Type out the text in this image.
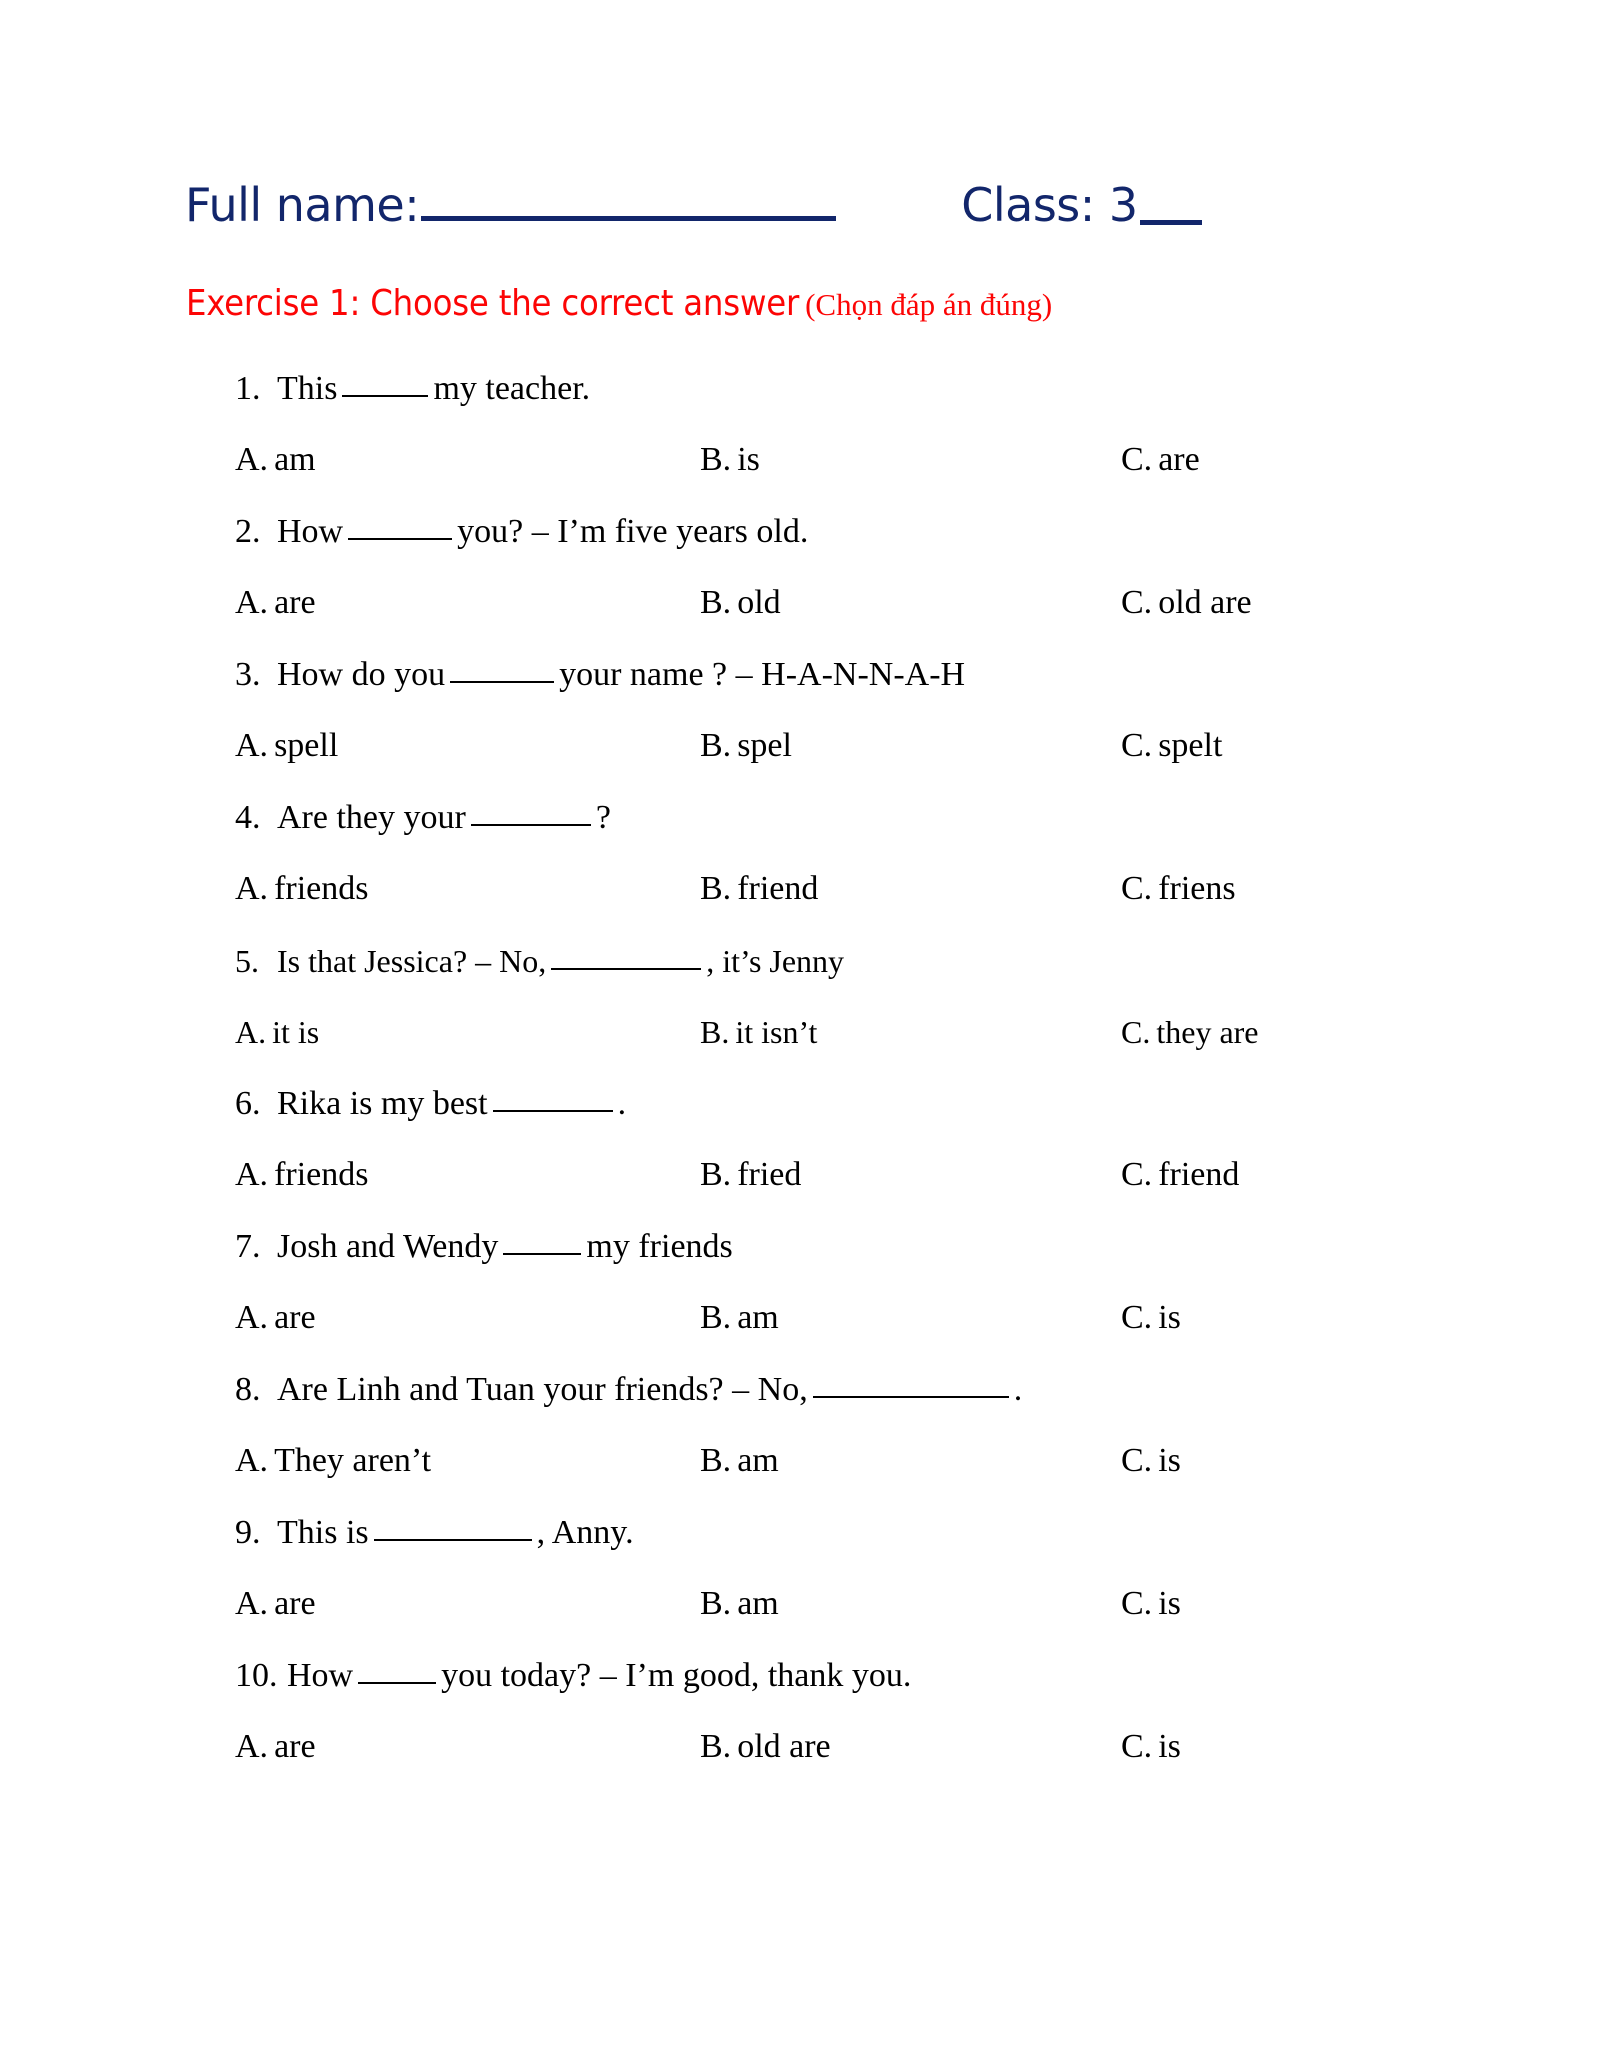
Full name:	Class: 3
Exercise 1: Choose the correct answer (Chọn đáp án đúng)
1. This	my teacher.
A. am	B. is	C. are
2. How	you? – I’m five years old.
A. are	B. old	C. old are
3. How do you	your name ? – H-A-N-N-A-H
A. spell	B. spel	C. spelt
4. Are they your	?
A. friends	B. friend	C. friens
5. Is that Jessica? – No,	, it’s Jenny
A. it is	B. it isn’t	C. they are
6. Rika is my best	.
A. friends	B. fried	C. friend
7. Josh and Wendy	my friends
A. are	B. am	C. is
8. Are Linh and Tuan your friends? – No,	.
A. They aren’t	B. am	C. is
9. This is	, Anny.
A. are	B. am	C. is
10. How	you today? – I’m good, thank you.
A. are	B. old are	C. is
